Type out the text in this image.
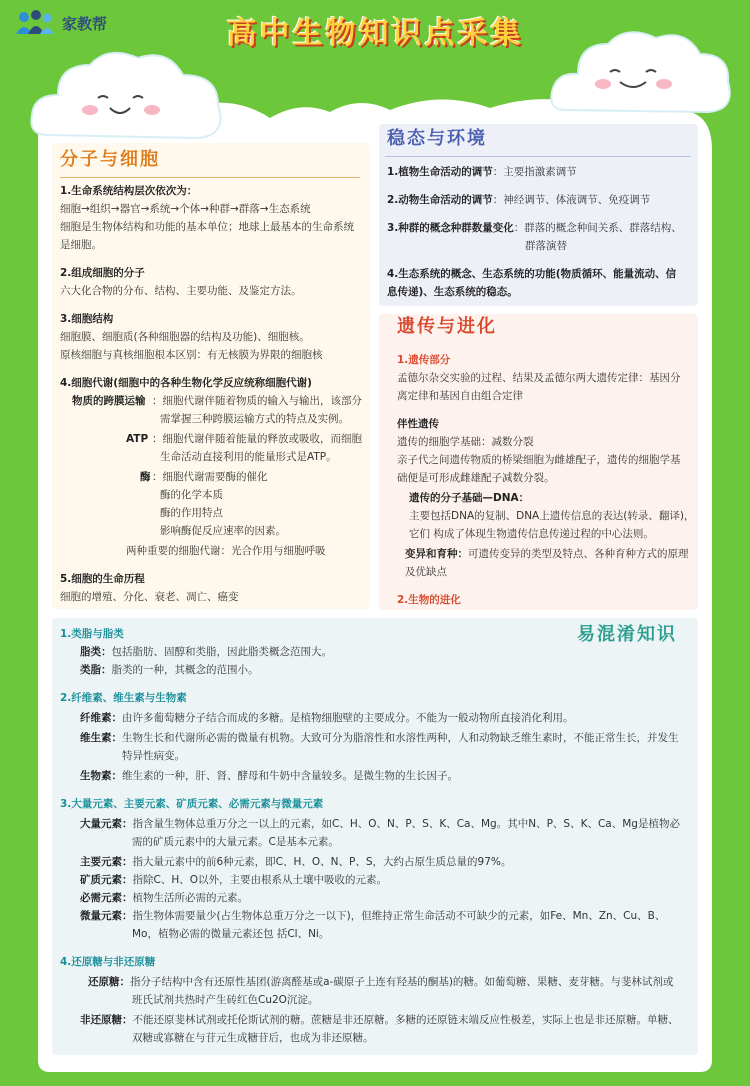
家教帮	高中生物知识点采集
分子与细胞
1.生命系统结构层次依次为：
细胞→组织→器官→系统→个体→种群→群落→生态系统
细胞是生物体结构和功能的基本单位；地球上最基本的生命系统
是细胞。
2.组成细胞的分子
六大化合物的分布、结构、主要功能、及鉴定方法。
3.细胞结构
细胞膜、细胞质(各种细胞器的结构及功能)、细胞核。
原核细胞与真核细胞根本区别：有无核膜为界限的细胞核
4.细胞代谢(细胞中的各种生物化学反应统称细胞代谢)
物质的跨膜运输 ：细胞代谢伴随着物质的输入与输出，该部分
需掌握三种跨膜运输方式的特点及实例。
ATP ：细胞代谢伴随着能量的释放或吸收，而细胞
生命活动直接利用的能量形式是ATP。
酶 ：细胞代谢需要酶的催化
酶的化学本质
酶的作用特点
影响酶促反应速率的因素。
两种重要的细胞代谢：光合作用与细胞呼吸
5.细胞的生命历程
细胞的增殖、分化、衰老、凋亡、癌变
稳态与环境
1.植物生命活动的调节：主要指激素调节
2.动物生命活动的调节：神经调节、体液调节、免疫调节
3.种群的概念种群数量变化：群落的概念种间关系、群落结构、
群落演替
4.生态系统的概念、生态系统的功能(物质循环、能量流动、信
息传递)、生态系统的稳态。
遗传与进化
1.遗传部分
孟德尔杂交实验的过程、结果及孟德尔两大遗传定律：基因分
离定律和基因自由组合定律
伴性遗传
遗传的细胞学基础：减数分裂
亲子代之间遗传物质的桥梁细胞为雌雄配子，遗传的细胞学基
础便是可形成雌雄配子减数分裂。
遗传的分子基础—DNA：
主要包括DNA的复制、DNA上遗传信息的表达(转录、翻译)，
它们 构成了体现生物遗传信息传递过程的中心法则。
变异和育种：可遗传变异的类型及特点、各种育种方式的原理
及优缺点
2.生物的进化
易混淆知识
1.类脂与脂类
脂类：包括脂肪、固醇和类脂，因此脂类概念范围大。
类脂：脂类的一种，其概念的范围小。
2.纤维素、维生素与生物素
纤维素：由许多葡萄糖分子结合而成的多糖。是植物细胞壁的主要成分。不能为一般动物所直接消化利用。
维生素：生物生长和代谢所必需的微量有机物。大致可分为脂溶性和水溶性两种，人和动物缺乏维生素时，不能正常生长，并发生
特异性病变。
生物素：维生素的一种，肝、肾、酵母和牛奶中含量较多。是微生物的生长因子。
3.大量元素、主要元素、矿质元素、必需元素与微量元素
大量元素：指含量生物体总重万分之一以上的元素，如C、H、O、N、P、S、K、Ca、Mg。其中N、P、S、K、Ca、Mg是植物必
需的矿质元素中的大量元素。C是基本元素。
主要元素：指大量元素中的前6种元素，即C、H、O、N、P、S，大约占原生质总量的97%。
矿质元素：指除C、H、O以外，主要由根系从土壤中吸收的元素。
必需元素：植物生活所必需的元素。
微量元素：指生物体需要量少(占生物体总重万分之一以下)，但维持正常生命活动不可缺少的元素，如Fe、Mn、Zn、Cu、B、
Mo，植物必需的微量元素还包 括Cl、Ni。
4.还原糖与非还原糖
还原糖：指分子结构中含有还原性基团(游离醛基或a-碳原子上连有羟基的酮基)的糖。如葡萄糖、果糖、麦芽糖。与斐林试剂或
班氏试剂共热时产生砖红色Cu2O沉淀。
非还原糖：不能还原斐林试剂或托伦斯试剂的糖。蔗糖是非还原糖。多糖的还原链末端反应性极差，实际上也是非还原糖。单糖、
双糖或寡糖在与苷元生成糖苷后，也成为非还原糖。
